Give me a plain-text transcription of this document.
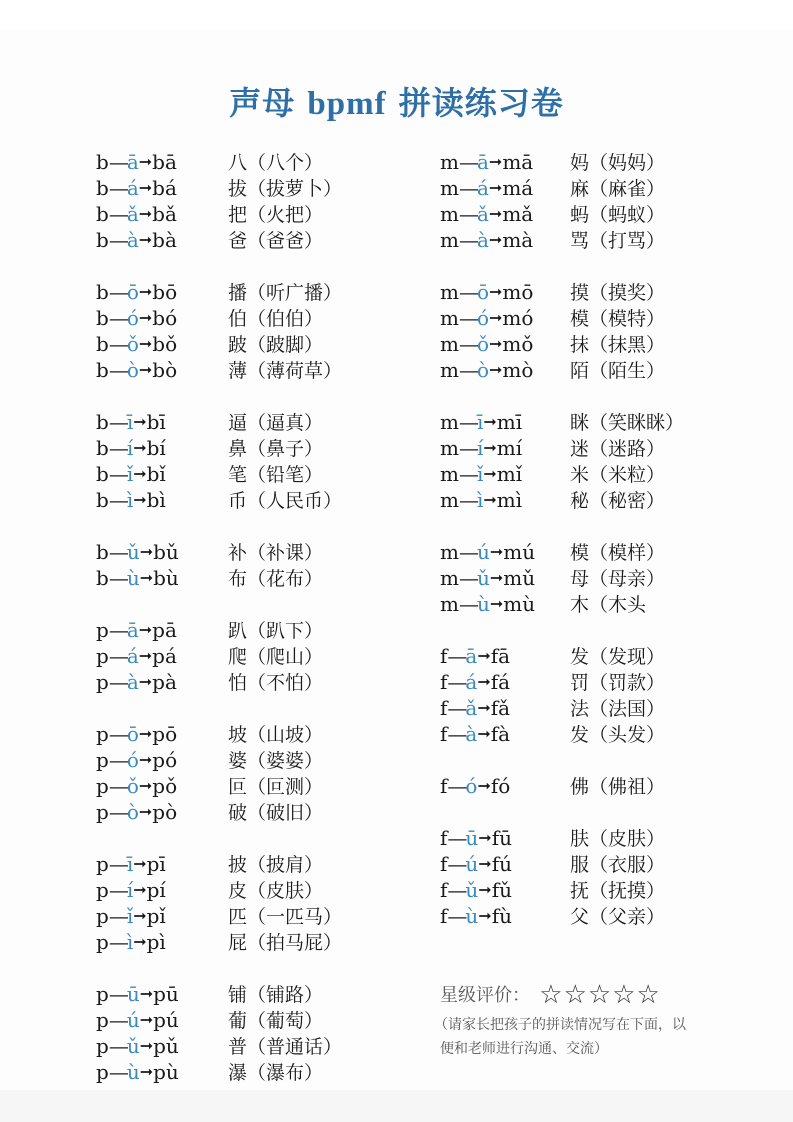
声母 bpmf 拼读练习卷
b—ā➞bā	八（八个）
b—á➞bá	拔（拔萝卜）
b—ǎ➞bǎ	把（火把）
b—à➞bà	爸（爸爸）
b—ō➞bō	播（听广播）
b—ó➞bó	伯（伯伯）
b—ǒ➞bǒ	跛（跛脚）
b—ò➞bò	薄（薄荷草）
b—ī➞bī	逼（逼真）
b—í➞bí	鼻（鼻子）
b—ǐ➞bǐ	笔（铅笔）
b—ì➞bì	币（人民币）
b—ǔ➞bǔ	补（补课）
b—ù➞bù	布（花布）
p—ā➞pā	趴（趴下）
p—á➞pá	爬（爬山）
p—à➞pà	怕（不怕）
p—ō➞pō	坡（山坡）
p—ó➞pó	婆（婆婆）
p—ǒ➞pǒ	叵（叵测）
p—ò➞pò	破（破旧）
p—ī➞pī	披（披肩）
p—í➞pí	皮（皮肤）
p—ǐ➞pǐ	匹（一匹马）
p—ì➞pì	屁（拍马屁）
p—ū➞pū	铺（铺路）
p—ú➞pú	葡（葡萄）
p—ǔ➞pǔ	普（普通话）
p—ù➞pù	瀑（瀑布）
m—ā➞mā 妈（妈妈）
m—á➞má 麻（麻雀）
m—ǎ➞mǎ 蚂（蚂蚁）
m—à➞mà 骂（打骂）
m—ō➞mō 摸（摸奖）
m—ó➞mó 模（模特）
m—ǒ➞mǒ 抹（抹黑）
m—ò➞mò 陌（陌生）
m—ī➞mī	眯（笑眯眯）
m—í➞mí	迷（迷路）
m—ǐ➞mǐ	米（米粒）
m—ì➞mì	秘（秘密）
m—ú➞mú 模（模样）
m—ǔ➞mǔ 母（母亲）
m—ù➞mù 木（木头
f—ā➞fā	发（发现）
f—á➞fá	罚（罚款）
f—ǎ➞fǎ	法（法国）
f—à➞fà	发（头发）
f—ó➞fó	佛（佛祖）
f—ū➞fū	肤（皮肤）
f—ú➞fú	服（衣服）
f—ǔ➞fǔ	抚（抚摸）
f—ù➞fù	父（父亲）
星级评价： ☆☆☆☆☆
（请家长把孩子的拼读情况写在下面，以
便和老师进行沟通、交流）
